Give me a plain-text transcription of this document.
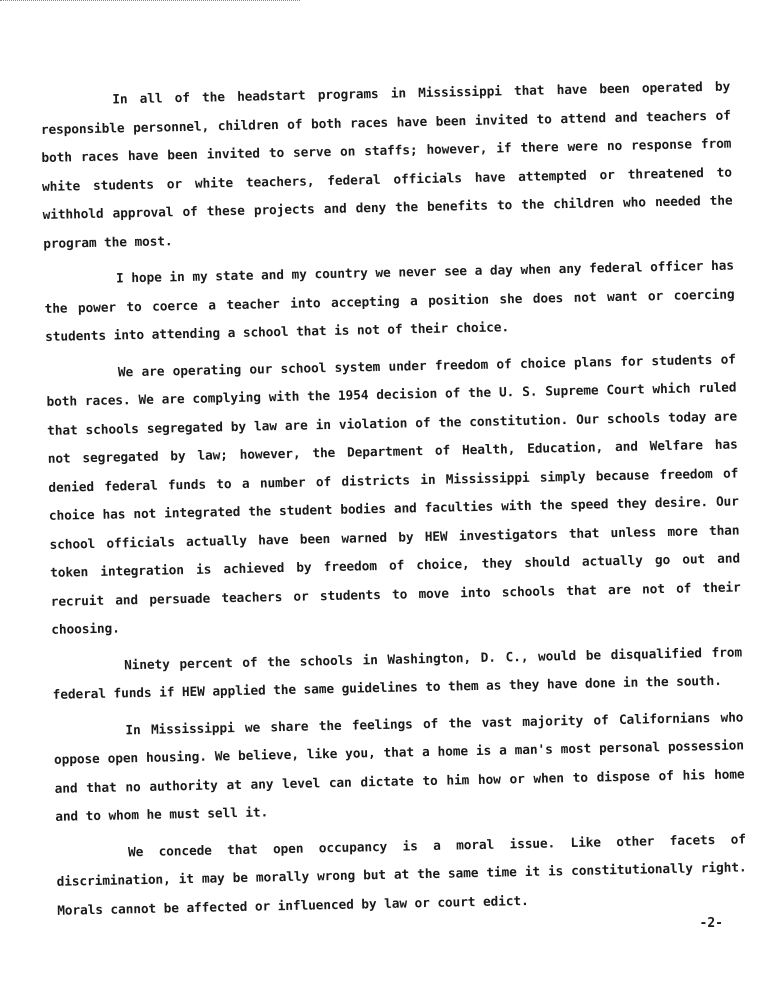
In all of the headstart programs in Mississippi that have been operated by responsible personnel, children of both races have been invited to attend and teachers of both races have been invited to serve on staffs; however, if there were no response from white students or white teachers, federal officials have attempted or threatened to withhold approval of these projects and deny the benefits to the children who needed the program the most.

I hope in my state and my country we never see a day when any federal officer has the power to coerce a teacher into accepting a position she does not want or coercing students into attending a school that is not of their choice.

We are operating our school system under freedom of choice plans for students of both races. We are complying with the 1954 decision of the U. S. Supreme Court which ruled that schools segregated by law are in violation of the constitution. Our schools today are not segregated by law; however, the Department of Health, Education, and Welfare has denied federal funds to a number of districts in Mississippi simply because freedom of choice has not integrated the student bodies and faculties with the speed they desire. Our school officials actually have been warned by HEW investigators that unless more than token integration is achieved by freedom of choice, they should actually go out and recruit and persuade teachers or students to move into schools that are not of their choosing.

Ninety percent of the schools in Washington, D. C., would be disqualified from federal funds if HEW applied the same guidelines to them as they have done in the south.

In Mississippi we share the feelings of the vast majority of Californians who oppose open housing. We believe, like you, that a home is a man's most personal possession and that no authority at any level can dictate to him how or when to dispose of his home and to whom he must sell it.

We concede that open occupancy is a moral issue. Like other facets of discrimination, it may be morally wrong but at the same time it is constitutionally right. Morals cannot be affected or influenced by law or court edict.

-2-
